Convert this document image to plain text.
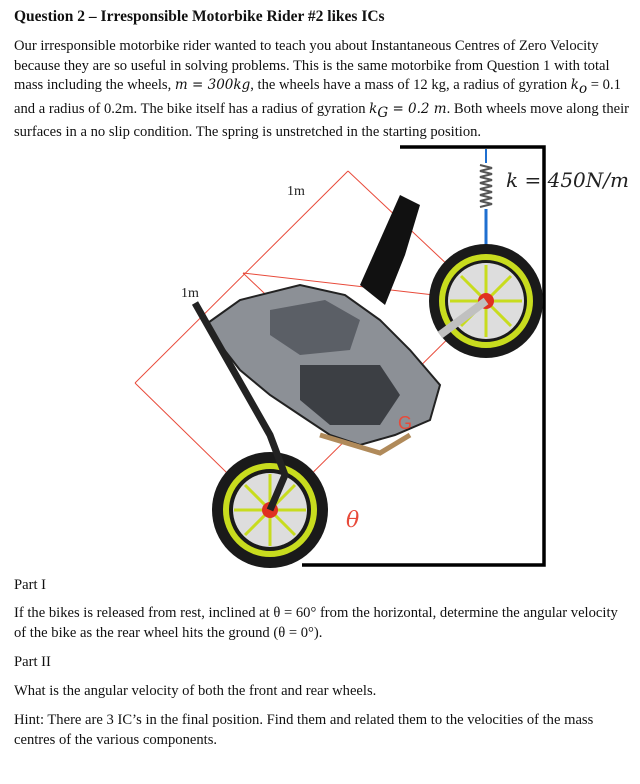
Question 2 – Irresponsible Motorbike Rider #2 likes ICs

Our irresponsible motorbike rider wanted to teach you about Instantaneous Centres of Zero Velocity because they are so useful in solving problems. This is the same motorbike from Question 1 with total mass including the wheels, m = 300kg, the wheels have a mass of 12 kg, a radius of gyration $k_o = 0.1$ and a radius of 0.2m. The bike itself has a radius of gyration $k_G = 0.2$ m. Both wheels move along their surfaces in a no slip condition. The spring is unstretched in the starting position.

k = 450N/m
1m
1m
G
θ

Part I

If the bikes is released from rest, inclined at θ = 60° from the horizontal, determine the angular velocity of the bike as the rear wheel hits the ground (θ = 0°).

Part II

What is the angular velocity of both the front and rear wheels.

Hint: There are 3 IC’s in the final position. Find them and related them to the velocities of the mass centres of the various components.
